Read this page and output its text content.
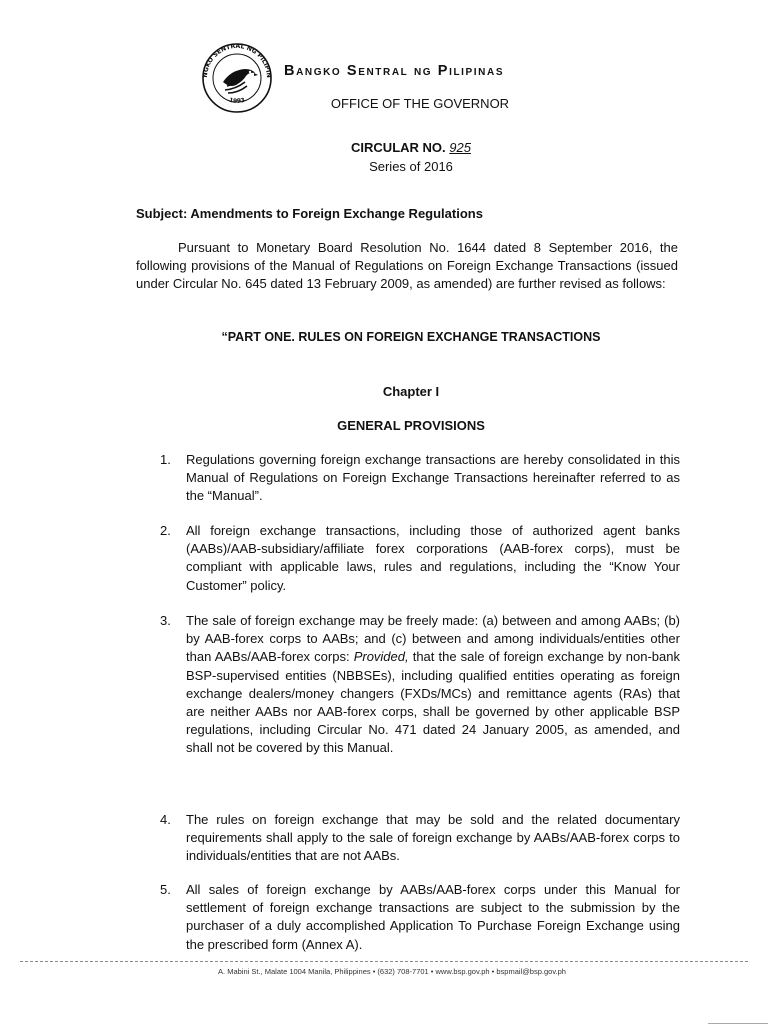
NGKO SENTRAL NG PILIPIN
1993
Bangko Sentral ng Pilipinas
OFFICE OF THE GOVERNOR
CIRCULAR NO. 925
Series of 2016
Subject: Amendments to Foreign Exchange Regulations

Pursuant to Monetary Board Resolution No. 1644 dated 8 September 2016, the following provisions of the Manual of Regulations on Foreign Exchange Transactions (issued under Circular No. 645 dated 13 February 2009, as amended) are further revised as follows:

“PART ONE. RULES ON FOREIGN EXCHANGE TRANSACTIONS
Chapter I
GENERAL PROVISIONS
1.	Regulations governing foreign exchange transactions are hereby consolidated in this Manual of Regulations on Foreign Exchange Transactions hereinafter referred to as the “Manual”.
2.	All foreign exchange transactions, including those of authorized agent banks (AABs)/AAB-subsidiary/affiliate forex corporations (AAB-forex corps), must be compliant with applicable laws, rules and regulations, including the “Know Your Customer” policy.
3.	The sale of foreign exchange may be freely made: (a) between and among AABs; (b) by AAB-forex corps to AABs; and (c) between and among individuals/entities other than AABs/AAB-forex corps: Provided, that the sale of foreign exchange by non-bank BSP-supervised entities (NBBSEs), including qualified entities operating as foreign exchange dealers/money changers (FXDs/MCs) and remittance agents (RAs) that are neither AABs nor AAB-forex corps, shall be governed by other applicable BSP regulations, including Circular No. 471 dated 24 January 2005, as amended, and shall not be covered by this Manual.
4.	The rules on foreign exchange that may be sold and the related documentary requirements shall apply to the sale of foreign exchange by AABs/AAB-forex corps to individuals/entities that are not AABs.
5.	All sales of foreign exchange by AABs/AAB-forex corps under this Manual for settlement of foreign exchange transactions are subject to the submission by the purchaser of a duly accomplished Application To Purchase Foreign Exchange using the prescribed form (Annex A).
A. Mabini St., Malate 1004 Manila, Philippines • (632) 708-7701 • www.bsp.gov.ph • bspmail@bsp.gov.ph
